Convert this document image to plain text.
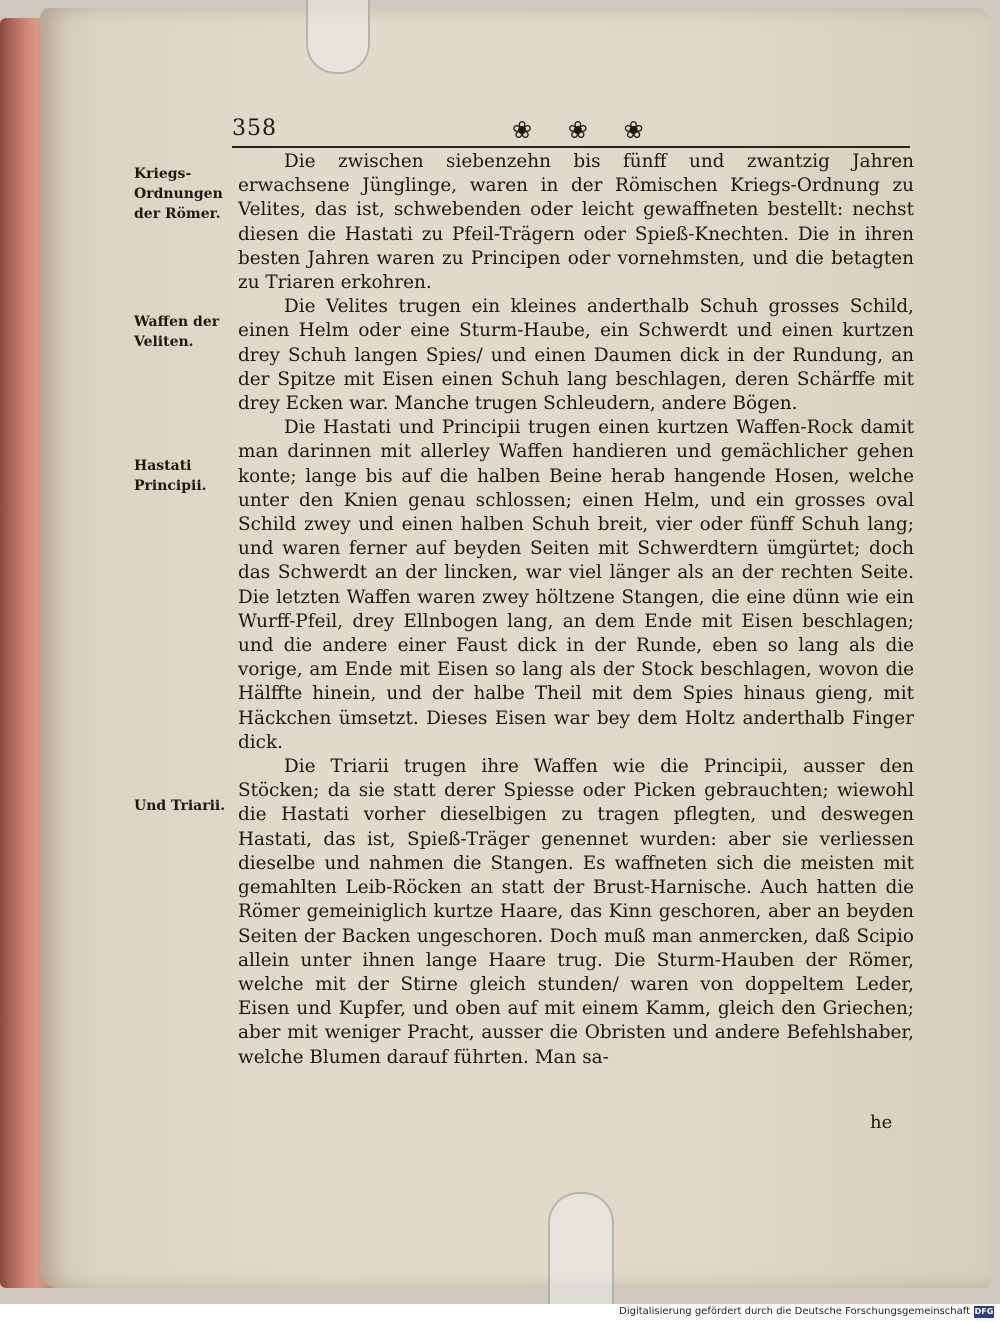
358	❀ ❀ ❀
Kriegs-Ordnungen der Römer.
Waffen der Veliten.
Hastati Principii.
Und Triarii.

Die zwischen siebenzehn bis fünff und zwantzig Jahren erwachsene Jünglinge, waren in der Römischen Kriegs-Ordnung zu Velites, das ist, schwebenden oder leicht gewaffneten bestellt: nechst diesen die Hastati zu Pfeil-Trägern oder Spieß-Knechten. Die in ihren besten Jahren waren zu Principen oder vornehmsten, und die betagten zu Triaren erkohren.

Die Velites trugen ein kleines anderthalb Schuh grosses Schild, einen Helm oder eine Sturm-Haube, ein Schwerdt und einen kurtzen drey Schuh langen Spies/ und einen Daumen dick in der Rundung, an der Spitze mit Eisen einen Schuh lang beschlagen, deren Schärffe mit drey Ecken war. Manche trugen Schleudern, andere Bögen.

Die Hastati und Principii trugen einen kurtzen Waffen-Rock damit man darinnen mit allerley Waffen handieren und gemächlicher gehen konte; lange bis auf die halben Beine herab hangende Hosen, welche unter den Knien genau schlossen; einen Helm, und ein grosses oval Schild zwey und einen halben Schuh breit, vier oder fünff Schuh lang; und waren ferner auf beyden Seiten mit Schwerdtern ümgürtet; doch das Schwerdt an der lincken, war viel länger als an der rechten Seite. Die letzten Waffen waren zwey höltzene Stangen, die eine dünn wie ein Wurff-Pfeil, drey Ellnbogen lang, an dem Ende mit Eisen beschlagen; und die andere einer Faust dick in der Runde, eben so lang als die vorige, am Ende mit Eisen so lang als der Stock beschlagen, wovon die Hälffte hinein, und der halbe Theil mit dem Spies hinaus gieng, mit Häckchen ümsetzt. Dieses Eisen war bey dem Holtz anderthalb Finger dick.

Die Triarii trugen ihre Waffen wie die Principii, ausser den Stöcken; da sie statt derer Spiesse oder Picken gebrauchten; wiewohl die Hastati vorher dieselbigen zu tragen pflegten, und deswegen Hastati, das ist, Spieß-Träger genennet wurden: aber sie verliessen dieselbe und nahmen die Stangen. Es waffneten sich die meisten mit gemahlten Leib-Röcken an statt der Brust-Harnische. Auch hatten die Römer gemeiniglich kurtze Haare, das Kinn geschoren, aber an beyden Seiten der Backen ungeschoren. Doch muß man anmercken, daß Scipio allein unter ihnen lange Haare trug. Die Sturm-Hauben der Römer, welche mit der Stirne gleich stunden/ waren von doppeltem Leder, Eisen und Kupfer, und oben auf mit einem Kamm, gleich den Griechen; aber mit weniger Pracht, ausser die Obristen und andere Befehlshaber, welche Blumen darauf führten. Man sa-

he
Digitalisierung gefördert durch die Deutsche Forschungsgemeinschaft DFG
